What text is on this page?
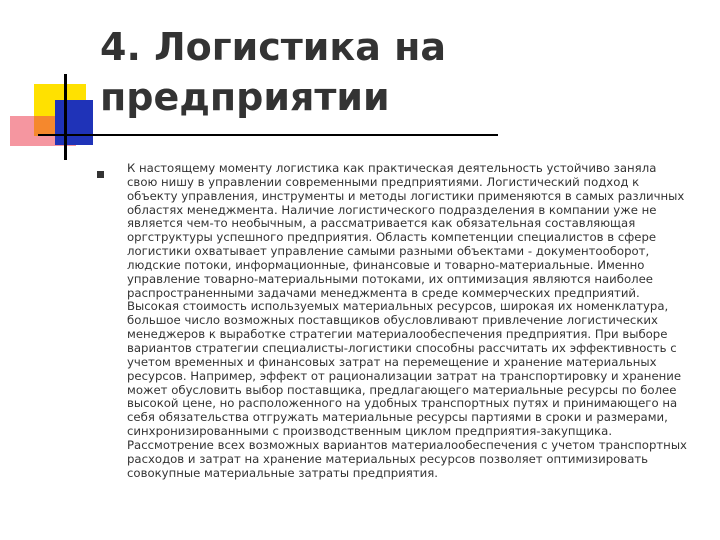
4. Логистика на предприятии

К настоящему моменту логистика как практическая деятельность устойчиво заняла свою нишу в управлении современными предприятиями. Логистический подход к объекту управления, инструменты и методы логистики применяются в самых различных областях менеджмента. Наличие логистического подразделения в компании уже не является чем-то необычным, а рассматривается как обязательная составляющая оргструктуры успешного предприятия. Область компетенции специалистов в сфере логистики охватывает управление самыми разными объектами - документооборот, людские потоки, информационные, финансовые и товарно-материальные. Именно управление товарно-материальными потоками, их оптимизация являются наиболее распространенными задачами менеджмента в среде коммерческих предприятий. Высокая стоимость используемых материальных ресурсов, широкая их номенклатура, большое число возможных поставщиков обусловливают привлечение логистических менеджеров к выработке стратегии материалообеспечения предприятия. При выборе вариантов стратегии специалисты-логистики способны рассчитать их эффективность с учетом временных и финансовых затрат на перемещение и хранение материальных ресурсов. Например, эффект от рационализации затрат на транспортировку и хранение может обусловить выбор поставщика, предлагающего материальные ресурсы по более высокой цене, но расположенного на удобных транспортных путях и принимающего на себя обязательства отгружать материальные ресурсы партиями в сроки и размерами, синхронизированными с производственным циклом предприятия-закупщика. Рассмотрение всех возможных вариантов материалообеспечения с учетом транспортных расходов и затрат на хранение материальных ресурсов позволяет оптимизировать совокупные материальные затраты предприятия.
